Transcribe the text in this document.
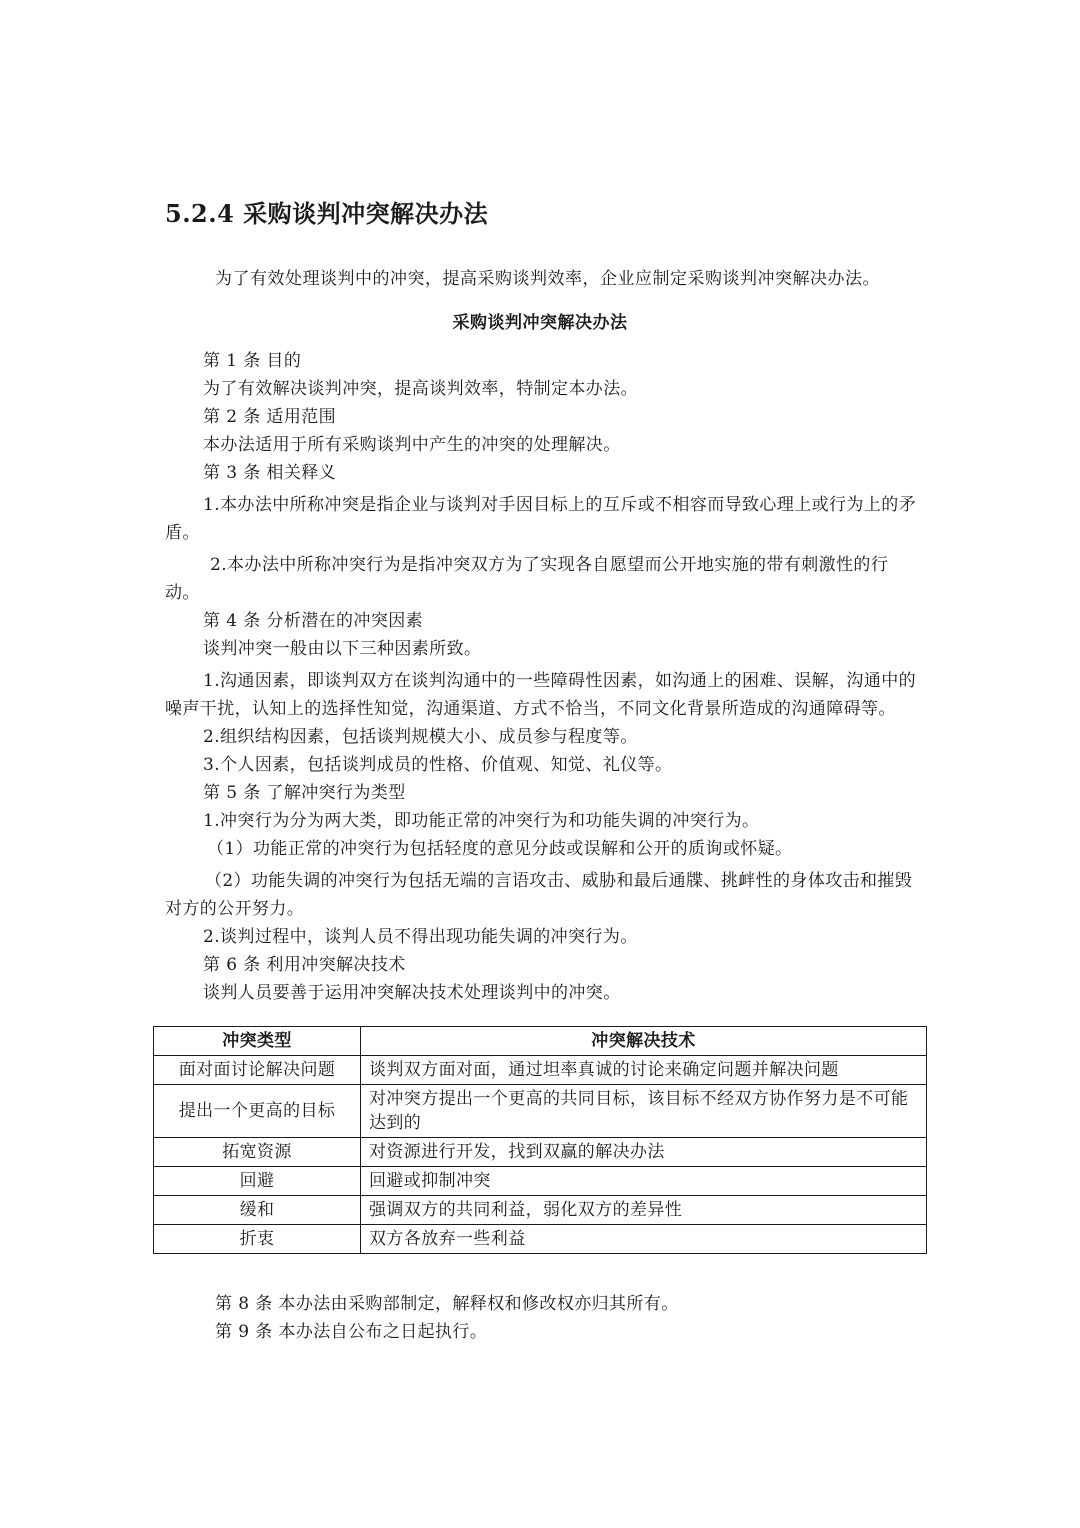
5.2.4 采购谈判冲突解决办法
为了有效处理谈判中的冲突，提高采购谈判效率，企业应制定采购谈判冲突解决办法。
采购谈判冲突解决办法

第 1 条 目的

为了有效解决谈判冲突，提高谈判效率，特制定本办法。

第 2 条 适用范围

本办法适用于所有采购谈判中产生的冲突的处理解决。

第 3 条 相关释义

1.本办法中所称冲突是指企业与谈判对手因目标上的互斥或不相容而导致心理上或行为上的矛盾。

2.本办法中所称冲突行为是指冲突双方为了实现各自愿望而公开地实施的带有刺激性的行动。

第 4 条 分析潜在的冲突因素

谈判冲突一般由以下三种因素所致。

1.沟通因素，即谈判双方在谈判沟通中的一些障碍性因素，如沟通上的困难、误解，沟通中的噪声干扰，认知上的选择性知觉，沟通渠道、方式不恰当，不同文化背景所造成的沟通障碍等。

2.组织结构因素，包括谈判规模大小、成员参与程度等。

3.个人因素，包括谈判成员的性格、价值观、知觉、礼仪等。

第 5 条 了解冲突行为类型

1.冲突行为分为两大类，即功能正常的冲突行为和功能失调的冲突行为。

（1）功能正常的冲突行为包括轻度的意见分歧或误解和公开的质询或怀疑。

（2）功能失调的冲突行为包括无端的言语攻击、威胁和最后通牒、挑衅性的身体攻击和摧毁对方的公开努力。

2.谈判过程中，谈判人员不得出现功能失调的冲突行为。

第 6 条 利用冲突解决技术

谈判人员要善于运用冲突解决技术处理谈判中的冲突。

冲突类型	冲突解决技术
面对面讨论解决问题	谈判双方面对面，通过坦率真诚的讨论来确定问题并解决问题
提出一个更高的目标	对冲突方提出一个更高的共同目标，该目标不经双方协作努力是不可能达到的
拓宽资源	对资源进行开发，找到双赢的解决办法
回避	回避或抑制冲突
缓和	强调双方的共同利益，弱化双方的差异性
折衷	双方各放弃一些利益
第 8 条 本办法由采购部制定，解释权和修改权亦归其所有。
第 9 条 本办法自公布之日起执行。
